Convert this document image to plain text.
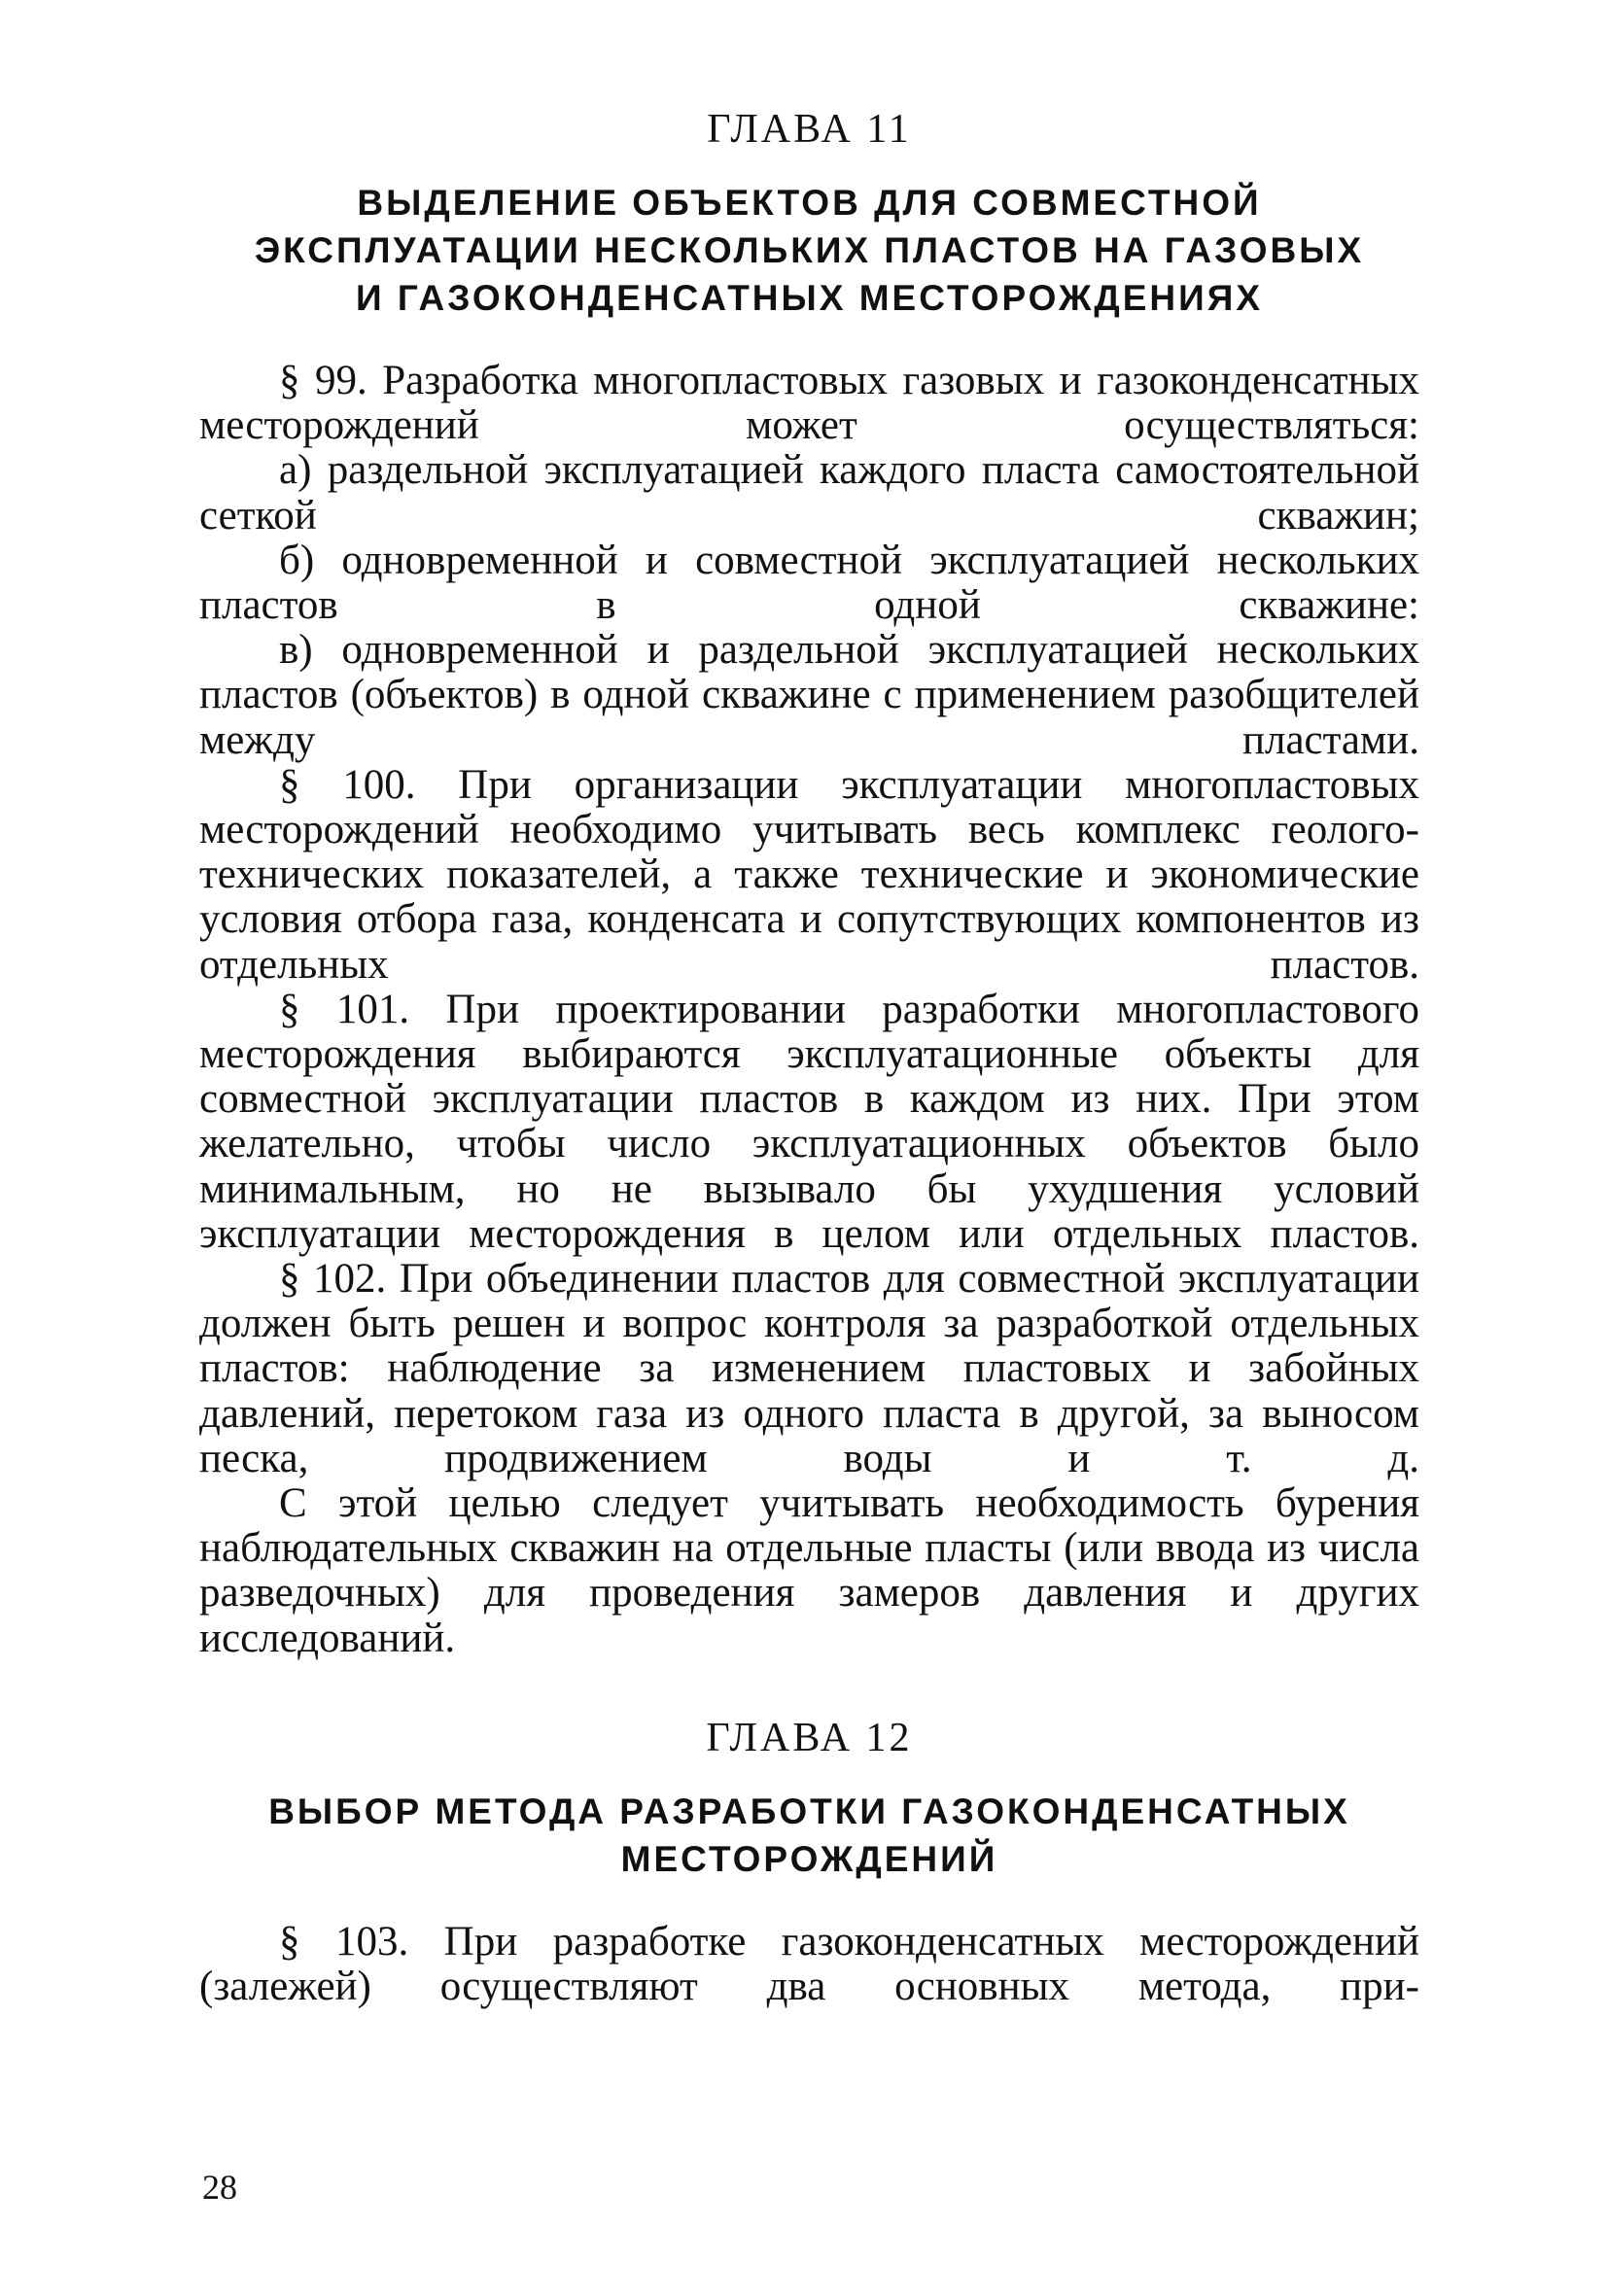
ГЛАВА 11
ВЫДЕЛЕНИЕ ОБЪЕКТОВ ДЛЯ СОВМЕСТНОЙ
ЭКСПЛУАТАЦИИ НЕСКОЛЬКИХ ПЛАСТОВ НА ГАЗОВЫХ
И ГАЗОКОНДЕНСАТНЫХ МЕСТОРОЖДЕНИЯХ

§ 99. Разработка многопластовых газовых и газоконденсатных месторождений может осуществляться:

а) раздельной эксплуатацией каждого пласта самостоятельной сеткой скважин;

б) одновременной и совместной эксплуатацией нескольких пластов в одной скважине:

в) одновременной и раздельной эксплуатацией нескольких пластов (объектов) в одной скважине с применением разобщителей между пластами.

§ 100. При организации эксплуатации многопластовых месторождений необходимо учитывать весь комплекс геолого-технических показателей, а также технические и экономические условия отбора газа, конденсата и сопутствующих компонентов из отдельных пластов.

§ 101. При проектировании разработки многопластового месторождения выбираются эксплуатационные объекты для совместной эксплуатации пластов в каждом из них. При этом желательно, чтобы число эксплуатационных объектов было минимальным, но не вызывало бы ухудшения условий эксплуатации месторождения в целом или отдельных пластов.

§ 102. При объединении пластов для совместной эксплуатации должен быть решен и вопрос контроля за разработкой отдельных пластов: наблюдение за изменением пластовых и забойных давлений, перетоком газа из одного пласта в другой, за выносом песка, продвижением воды и т. д.

С этой целью следует учитывать необходимость бурения наблюдательных скважин на отдельные пласты (или ввода из числа разведочных) для проведения замеров давления и других исследований.

ГЛАВА 12
ВЫБОР МЕТОДА РАЗРАБОТКИ ГАЗОКОНДЕНСАТНЫХ
МЕСТОРОЖДЕНИЙ

§ 103. При разработке газоконденсатных месторождений (залежей) осуществляют два основных метода, при-

28
